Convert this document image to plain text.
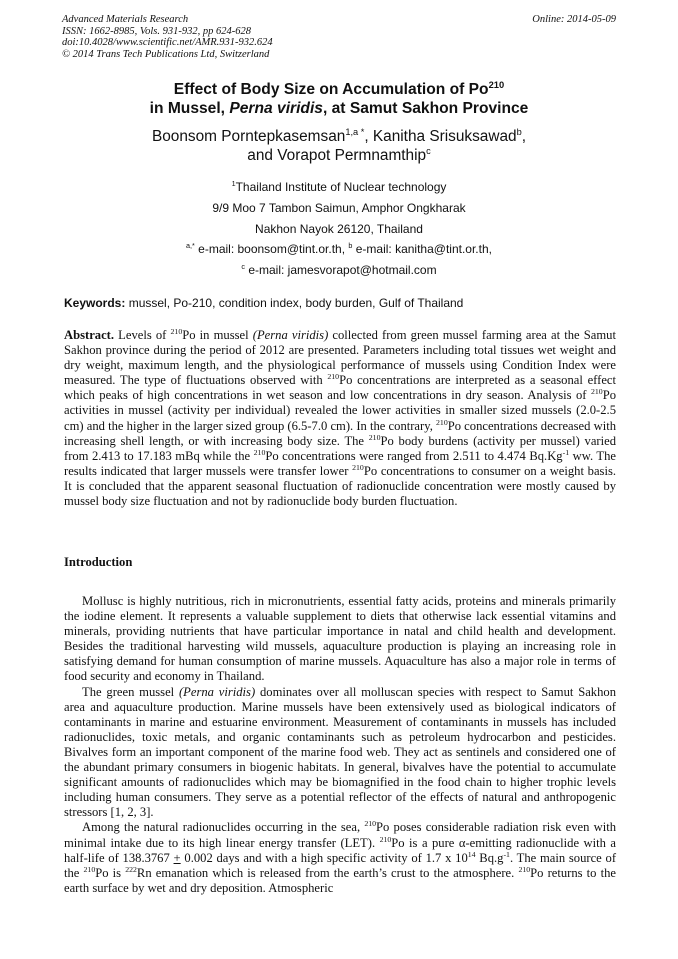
Advanced Materials Research
ISSN: 1662-8985, Vols. 931-932, pp 624-628
doi:10.4028/www.scientific.net/AMR.931-932.624
© 2014 Trans Tech Publications Ltd, Switzerland
Online: 2014-05-09
Effect of Body Size on Accumulation of Po$^{210}$
in Mussel, Perna viridis, at Samut Sakhon Province
Boonsom Porntepkasemsan$^{1,a *}$, Kanitha Srisuksawad$^b$,
and Vorapot Permnamthip$^c$
$^1$Thailand Institute of Nuclear technology
9/9 Moo 7 Tambon Saimun, Amphor Ongkharak
Nakhon Nayok 26120, Thailand
$^{a,*}$ e-mail: boonsom@tint.or.th, $^b$ e-mail: kanitha@tint.or.th,
$^c$ e-mail: jamesvorapot@hotmail.com
Keywords: mussel, Po-210, condition index, body burden, Gulf of Thailand
Abstract. Levels of $^{210}$Po in mussel (Perna viridis) collected from green mussel farming area at the Samut Sakhon province during the period of 2012 are presented. Parameters including total tissues wet weight and dry weight, maximum length, and the physiological performance of mussels using Condition Index were measured. The type of fluctuations observed with $^{210}$Po concentrations are interpreted as a seasonal effect which peaks of high concentrations in wet season and low concentrations in dry season. Analysis of $^{210}$Po activities in mussel (activity per individual) revealed the lower activities in smaller sized mussels (2.0-2.5 cm) and the higher in the larger sized group (6.5-7.0 cm). In the contrary, $^{210}$Po concentrations decreased with increasing shell length, or with increasing body size. The $^{210}$Po body burdens (activity per mussel) varied from 2.413 to 17.183 mBq while the $^{210}$Po concentrations were ranged from 2.511 to 4.474 $Bq.Kg^{-1}$ ww. The results indicated that larger mussels were transfer lower $^{210}$Po concentrations to consumer on a weight basis. It is concluded that the apparent seasonal fluctuation of radionuclide concentration were mostly caused by mussel body size fluctuation and not by radionuclide body burden fluctuation.
Introduction

Mollusc is highly nutritious, rich in micronutrients, essential fatty acids, proteins and minerals primarily the iodine element. It represents a valuable supplement to diets that otherwise lack essential vitamins and minerals, providing nutrients that have particular importance in natal and child health and development. Besides the traditional harvesting wild mussels, aquaculture production is playing an increasing role in satisfying demand for human consumption of marine mussels. Aquaculture has also a major role in terms of food security and economy in Thailand.

The green mussel (Perna viridis) dominates over all molluscan species with respect to Samut Sakhon area and aquaculture production. Marine mussels have been extensively used as biological indicators of contaminants in marine and estuarine environment. Measurement of contaminants in mussels has included radionuclides, toxic metals, and organic contaminants such as petroleum hydrocarbon and pesticides. Bivalves form an important component of the marine food web. They act as sentinels and considered one of the abundant primary consumers in biogenic habitats. In general, bivalves have the potential to accumulate significant amounts of radionuclides which may be biomagnified in the food chain to higher trophic levels including human consumers. They serve as a potential reflector of the effects of natural and anthropogenic stressors [1, 2, 3].

Among the natural radionuclides occurring in the sea, $^{210}$Po poses considerable radiation risk even with minimal intake due to its high linear energy transfer (LET). $^{210}$Po is a pure α-emitting radionuclide with a half-life of 138.3767 + 0.002 days and with a high specific activity of 1.7 x $10^{14}$ $Bq.g^{-1}$. The main source of the $^{210}$Po is $^{222}$Rn emanation which is released from the earth’s crust to the atmosphere. $^{210}$Po returns to the earth surface by wet and dry deposition. Atmospheric
